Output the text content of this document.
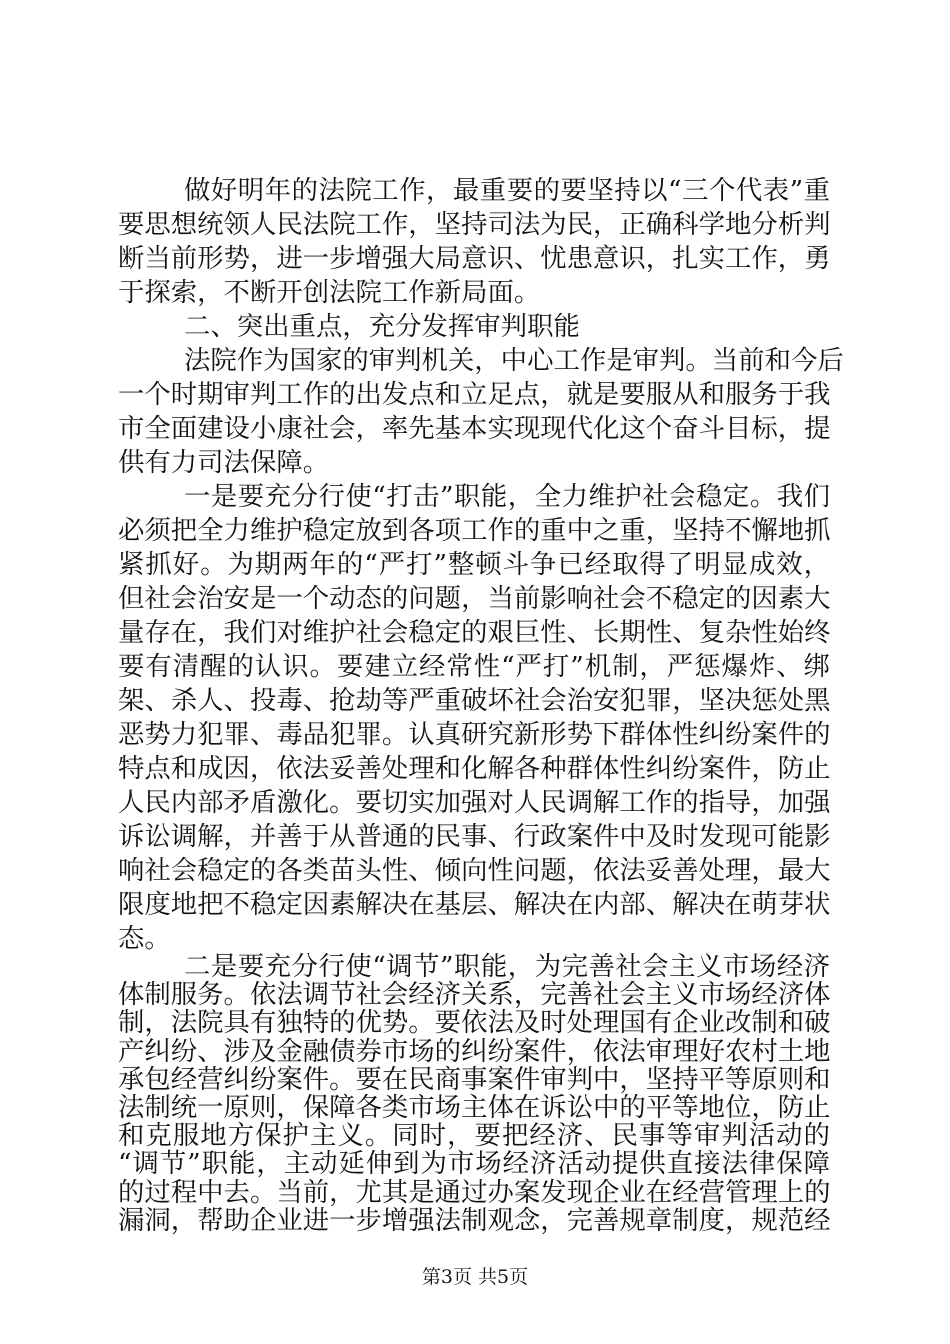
做好明年的法院工作，最重要的要坚持以“三个代表”重
要思想统领人民法院工作，坚持司法为民，正确科学地分析判
断当前形势，进一步增强大局意识、忧患意识，扎实工作，勇
于探索，不断开创法院工作新局面。
二、突出重点，充分发挥审判职能
法院作为国家的审判机关，中心工作是审判。当前和今后
一个时期审判工作的出发点和立足点，就是要服从和服务于我
市全面建设小康社会，率先基本实现现代化这个奋斗目标，提
供有力司法保障。
一是要充分行使“打击”职能，全力维护社会稳定。我们
必须把全力维护稳定放到各项工作的重中之重，坚持不懈地抓
紧抓好。为期两年的“严打”整顿斗争已经取得了明显成效，
但社会治安是一个动态的问题，当前影响社会不稳定的因素大
量存在，我们对维护社会稳定的艰巨性、长期性、复杂性始终
要有清醒的认识。要建立经常性“严打”机制，严惩爆炸、绑
架、杀人、投毒、抢劫等严重破坏社会治安犯罪，坚决惩处黑
恶势力犯罪、毒品犯罪。认真研究新形势下群体性纠纷案件的
特点和成因，依法妥善处理和化解各种群体性纠纷案件，防止
人民内部矛盾激化。要切实加强对人民调解工作的指导，加强
诉讼调解，并善于从普通的民事、行政案件中及时发现可能影
响社会稳定的各类苗头性、倾向性问题，依法妥善处理，最大
限度地把不稳定因素解决在基层、解决在内部、解决在萌芽状
态。
二是要充分行使“调节”职能，为完善社会主义市场经济
体制服务。依法调节社会经济关系，完善社会主义市场经济体
制，法院具有独特的优势。要依法及时处理国有企业改制和破
产纠纷、涉及金融债券市场的纠纷案件，依法审理好农村土地
承包经营纠纷案件。要在民商事案件审判中，坚持平等原则和
法制统一原则，保障各类市场主体在诉讼中的平等地位，防止
和克服地方保护主义。同时，要把经济、民事等审判活动的
“调节”职能，主动延伸到为市场经济活动提供直接法律保障
的过程中去。当前，尤其是通过办案发现企业在经营管理上的
漏洞，帮助企业进一步增强法制观念，完善规章制度，规范经
第3页 共5页
